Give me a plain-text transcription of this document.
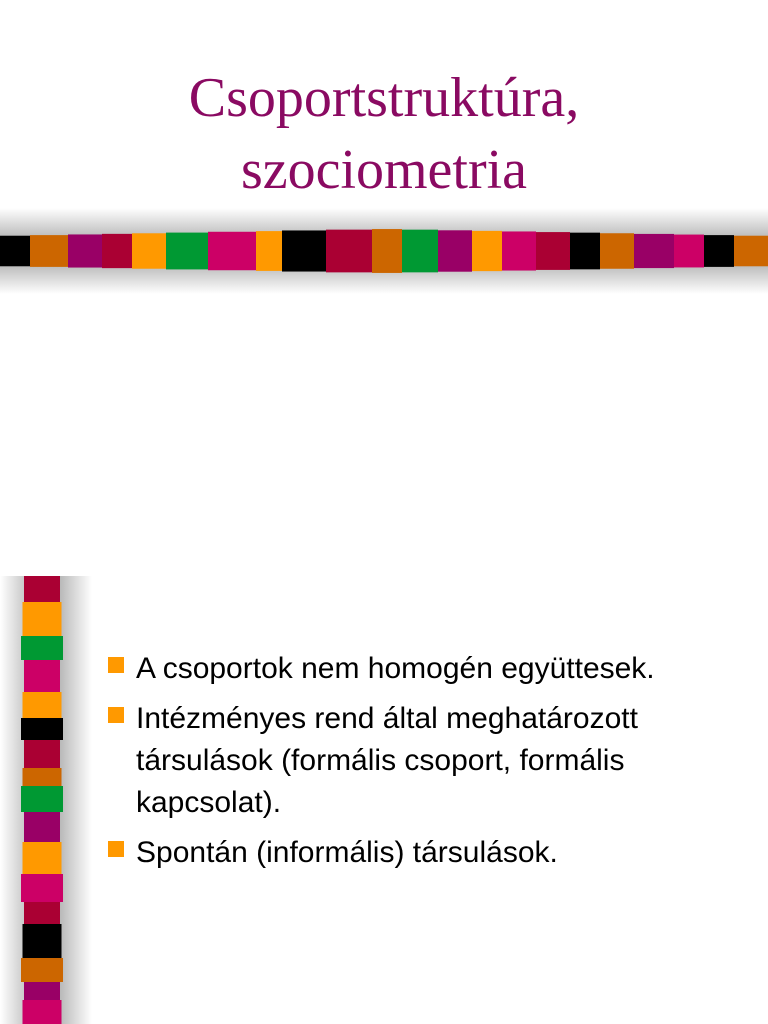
Csoportstruktúra,
szociometria
A csoportok nem homogén együttesek.
Intézményes rend által meghatározott társulások (formális csoport, formális kapcsolat).
Spontán (informális) társulások.
